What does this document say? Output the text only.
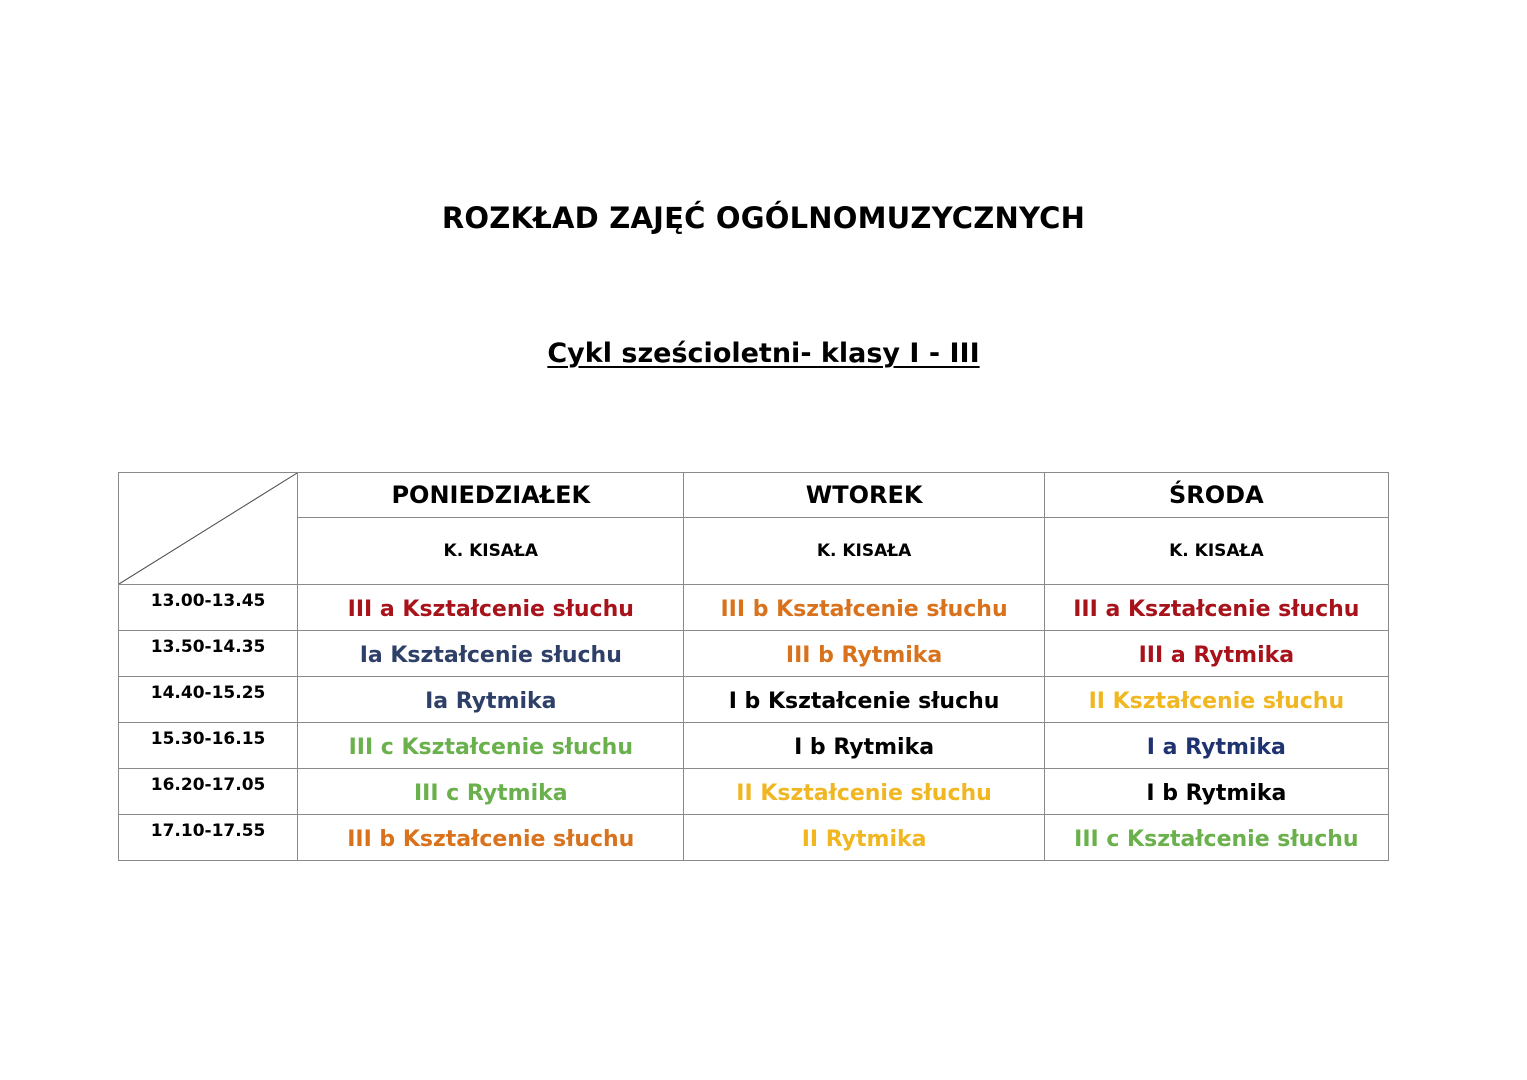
ROZKŁAD ZAJĘĆ OGÓLNOMUZYCZNYCH
Cykl sześcioletni- klasy I - III
	PONIEDZIAŁEK	WTOREK	ŚRODA
	K. KISAŁA	K. KISAŁA	K. KISAŁA
13.00-13.45	III a Kształcenie słuchu	III b Kształcenie słuchu	III a Kształcenie słuchu
13.50-14.35	Ia Kształcenie słuchu	III b Rytmika	III a Rytmika
14.40-15.25	Ia Rytmika	I b Kształcenie słuchu	II Kształcenie słuchu
15.30-16.15	III c Kształcenie słuchu	I b Rytmika	I a Rytmika
16.20-17.05	III c Rytmika	II Kształcenie słuchu	I b Rytmika
17.10-17.55	III b Kształcenie słuchu	II Rytmika	III c Kształcenie słuchu
